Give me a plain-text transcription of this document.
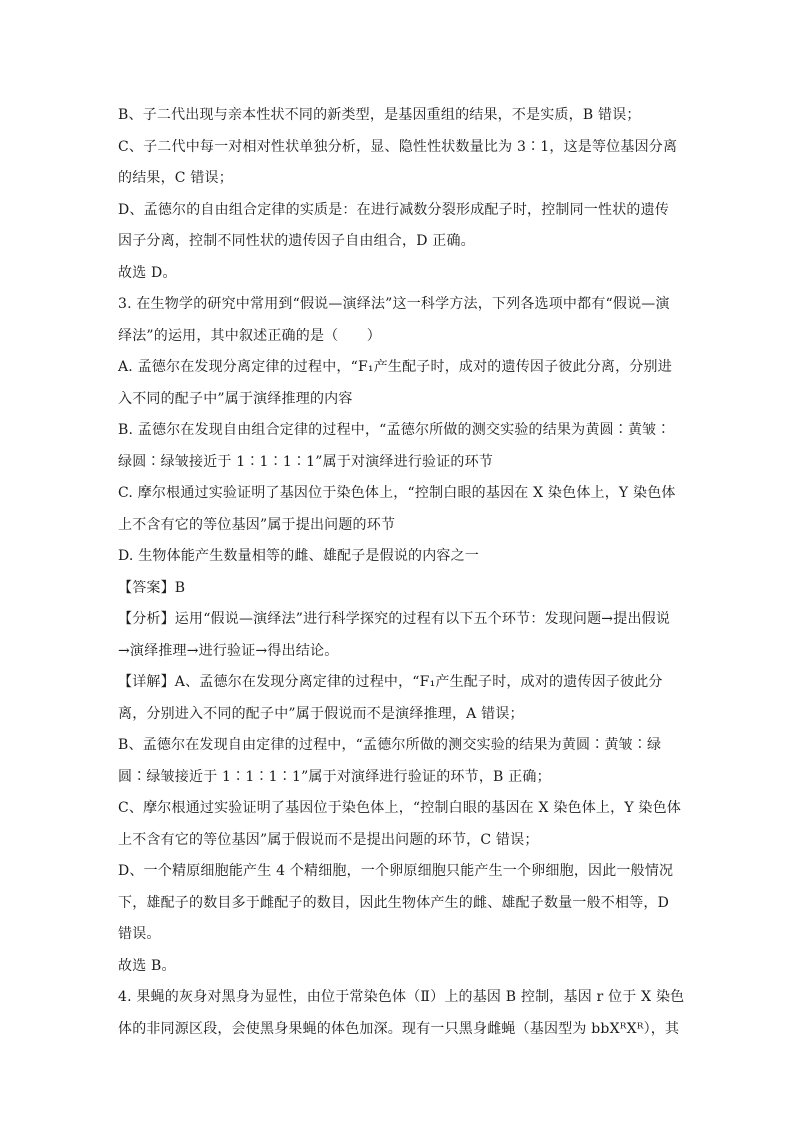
B、子二代出现与亲本性状不同的新类型，是基因重组的结果，不是实质，B 错误；
C、子二代中每一对相对性状单独分析，显、隐性性状数量比为 3∶1，这是等位基因分离
的结果，C 错误；
D、孟德尔的自由组合定律的实质是：在进行减数分裂形成配子时，控制同一性状的遗传
因子分离，控制不同性状的遗传因子自由组合，D 正确。
故选 D。
3. 在生物学的研究中常用到“假说—演绎法”这一科学方法，下列各选项中都有“假说—演
绎法”的运用，其中叙述正确的是（　　）
A. 孟德尔在发现分离定律的过程中，“F₁产生配子时，成对的遗传因子彼此分离，分别进
入不同的配子中”属于演绎推理的内容
B. 孟德尔在发现自由组合定律的过程中，“孟德尔所做的测交实验的结果为黄圆∶黄皱∶
绿圆∶绿皱接近于 1∶1∶1∶1”属于对演绎进行验证的环节
C. 摩尔根通过实验证明了基因位于染色体上，“控制白眼的基因在 X 染色体上，Y 染色体
上不含有它的等位基因”属于提出问题的环节
D. 生物体能产生数量相等的雌、雄配子是假说的内容之一
【答案】B
【分析】运用“假说—演绎法”进行科学探究的过程有以下五个环节：发现问题→提出假说
→演绎推理→进行验证→得出结论。
【详解】A、孟德尔在发现分离定律的过程中，“F₁产生配子时，成对的遗传因子彼此分
离，分别进入不同的配子中”属于假说而不是演绎推理，A 错误；
B、孟德尔在发现自由定律的过程中，“孟德尔所做的测交实验的结果为黄圆∶黄皱∶绿
圆∶绿皱接近于 1∶1∶1∶1”属于对演绎进行验证的环节，B 正确；
C、摩尔根通过实验证明了基因位于染色体上，“控制白眼的基因在 X 染色体上，Y 染色体
上不含有它的等位基因”属于假说而不是提出问题的环节，C 错误；
D、一个精原细胞能产生 4 个精细胞，一个卵原细胞只能产生一个卵细胞，因此一般情况
下，雄配子的数目多于雌配子的数目，因此生物体产生的雌、雄配子数量一般不相等，D
错误。
故选 B。
4. 果蝇的灰身对黑身为显性，由位于常染色体（Ⅱ）上的基因 B 控制，基因 r 位于 X 染色
体的非同源区段，会使黑身果蝇的体色加深。现有一只黑身雌蝇（基因型为 bbXᴿXᴿ），其
